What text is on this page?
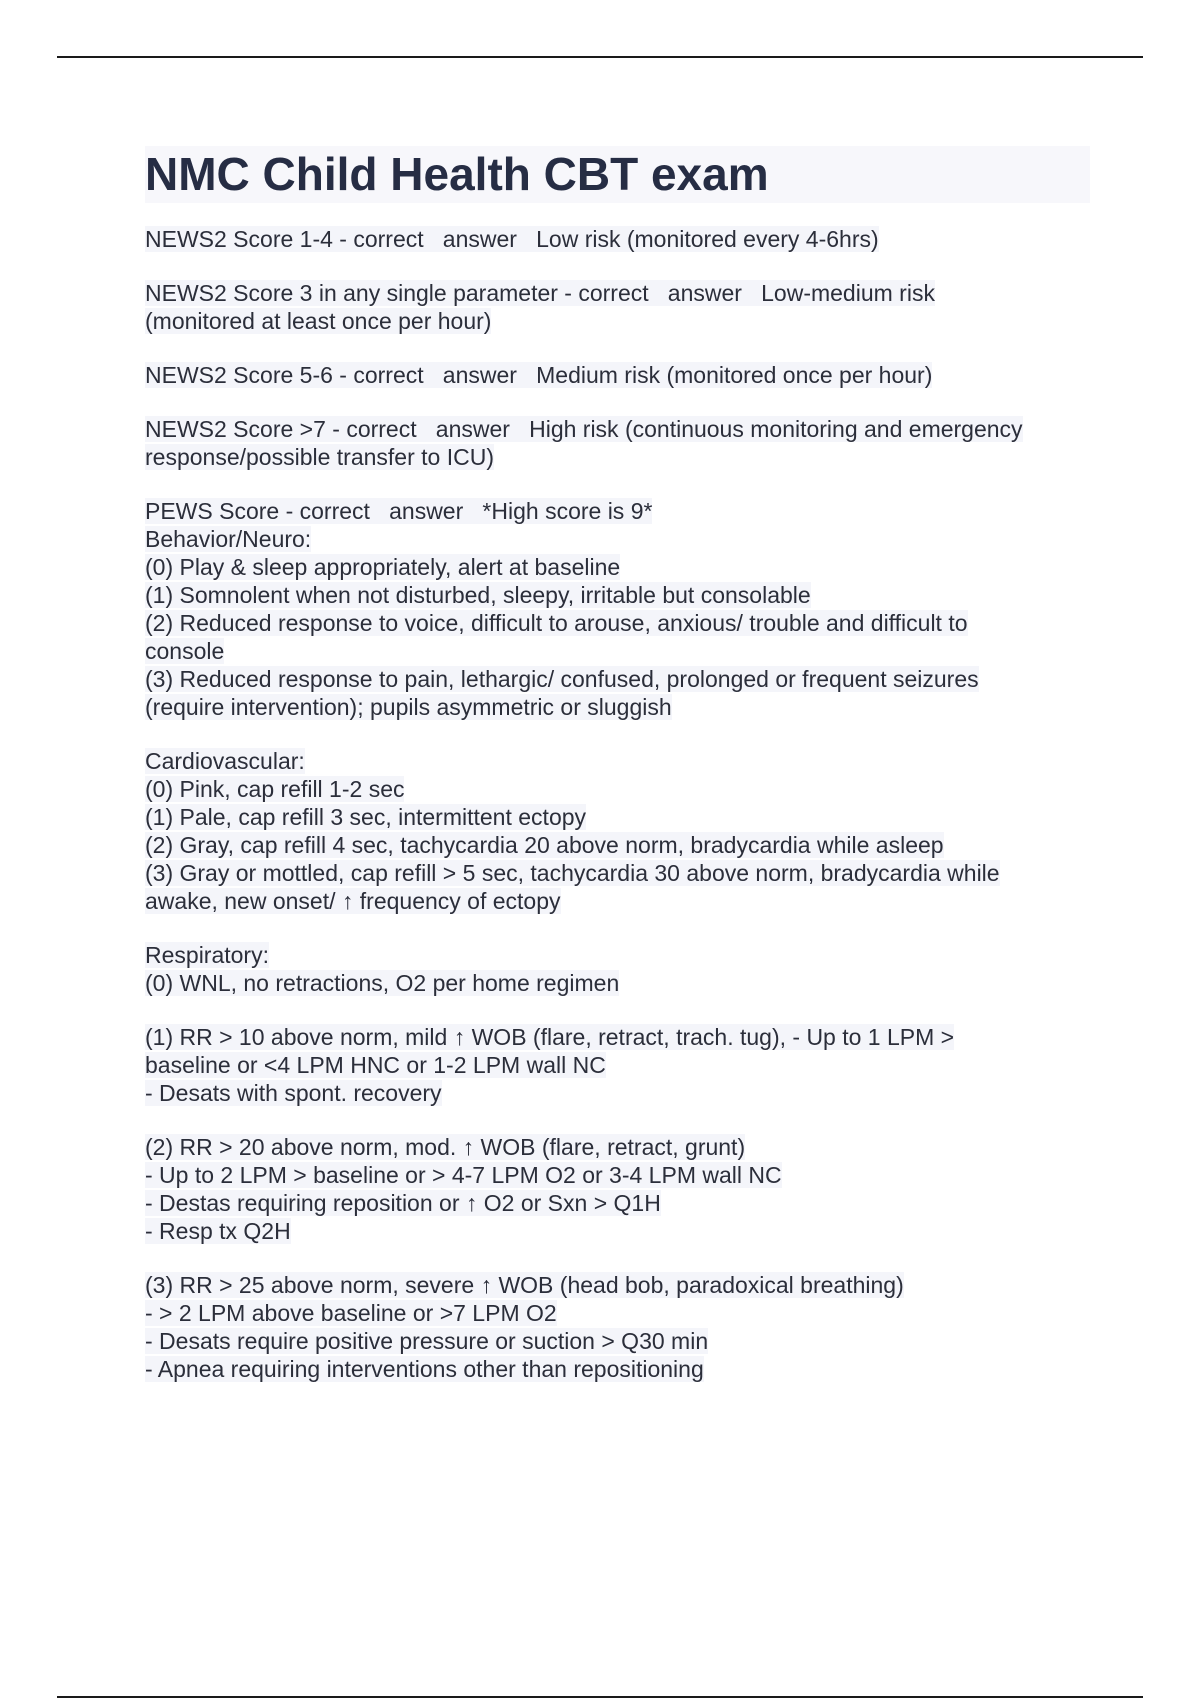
NMC Child Health CBT exam
NEWS2 Score 1-4 - correct   answer   Low risk (monitored every 4-6hrs)
NEWS2 Score 3 in any single parameter - correct   answer   Low-medium risk
(monitored at least once per hour)
NEWS2 Score 5-6 - correct   answer   Medium risk (monitored once per hour)
NEWS2 Score >7 - correct   answer   High risk (continuous monitoring and emergency
response/possible transfer to ICU)
PEWS Score - correct   answer   *High score is 9*
Behavior/Neuro:
(0) Play & sleep appropriately, alert at baseline
(1) Somnolent when not disturbed, sleepy, irritable but consolable
(2) Reduced response to voice, difficult to arouse, anxious/ trouble and difficult to
console
(3) Reduced response to pain, lethargic/ confused, prolonged or frequent seizures
(require intervention); pupils asymmetric or sluggish
Cardiovascular:
(0) Pink, cap refill 1-2 sec
(1) Pale, cap refill 3 sec, intermittent ectopy
(2) Gray, cap refill 4 sec, tachycardia 20 above norm, bradycardia while asleep
(3) Gray or mottled, cap refill > 5 sec, tachycardia 30 above norm, bradycardia while
awake, new onset/ ↑ frequency of ectopy
Respiratory:
(0) WNL, no retractions, O2 per home regimen
(1) RR > 10 above norm, mild ↑ WOB (flare, retract, trach. tug), - Up to 1 LPM >
baseline or <4 LPM HNC or 1-2 LPM wall NC
- Desats with spont. recovery
(2) RR > 20 above norm, mod. ↑ WOB (flare, retract, grunt)
- Up to 2 LPM > baseline or > 4-7 LPM O2 or 3-4 LPM wall NC
- Destas requiring reposition or ↑ O2 or Sxn > Q1H
- Resp tx Q2H
(3) RR > 25 above norm, severe ↑ WOB (head bob, paradoxical breathing)
- > 2 LPM above baseline or >7 LPM O2
- Desats require positive pressure or suction > Q30 min
- Apnea requiring interventions other than repositioning
